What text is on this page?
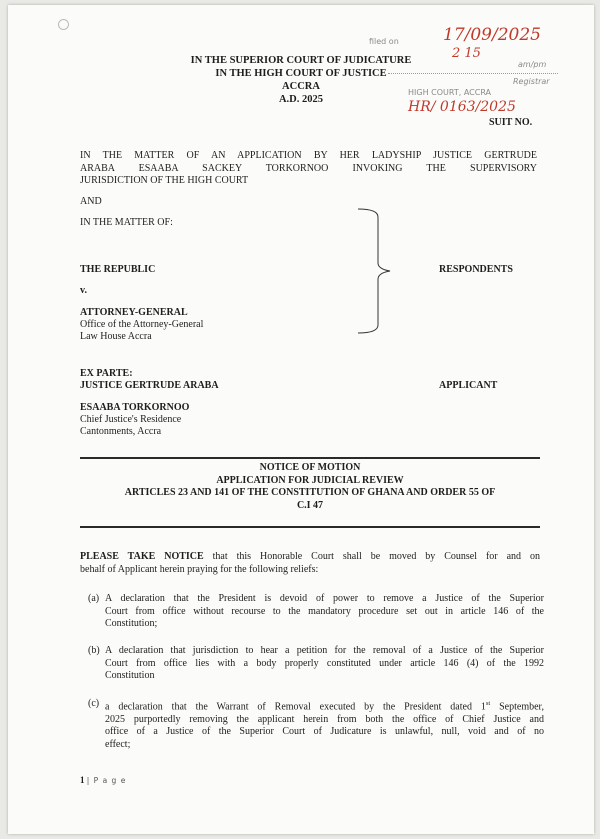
filed on	17/09/2025
2 15
am/pm
Registrar
HIGH COURT, ACCRA
HR/ 0163/2025
IN THE SUPERIOR COURT OF JUDICATURE
IN THE HIGH COURT OF JUSTICE
ACCRA
A.D. 2025
SUIT NO.
IN THE MATTER OF AN APPLICATION BY HER LADYSHIP JUSTICE GERTRUDE
ARABA ESAABA SACKEY TORKORNOO INVOKING THE SUPERVISORY
JURISDICTION OF THE HIGH COURT
AND
IN THE MATTER OF:
THE REPUBLIC	RESPONDENTS
v.
ATTORNEY-GENERAL
Office of the Attorney-General
Law House Accra
EX PARTE:
JUSTICE GERTRUDE ARABA	APPLICANT
ESAABA TORKORNOO
Chief Justice's Residence
Cantonments, Accra
NOTICE OF MOTION
APPLICATION FOR JUDICIAL REVIEW
ARTICLES 23 AND 141 OF THE CONSTITUTION OF GHANA AND ORDER 55 OF
C.I 47
PLEASE TAKE NOTICE that this Honorable Court shall be moved by Counsel for and on
behalf of Applicant herein praying for the following reliefs:
(a) A declaration that the President is devoid of power to remove a Justice of the Superior
Court from office without recourse to the mandatory procedure set out in article 146 of the
Constitution;
(b) A declaration that jurisdiction to hear a petition for the removal of a Justice of the Superior
Court from office lies with a body properly constituted under article 146 (4) of the 1992
Constitution
(c) a declaration that the Warrant of Removal executed by the President dated 1st September,
2025 purportedly removing the applicant herein from both the office of Chief Justice and
office of a Justice of the Superior Court of Judicature is unlawful, null, void and of no
effect;
1 | P a g e
